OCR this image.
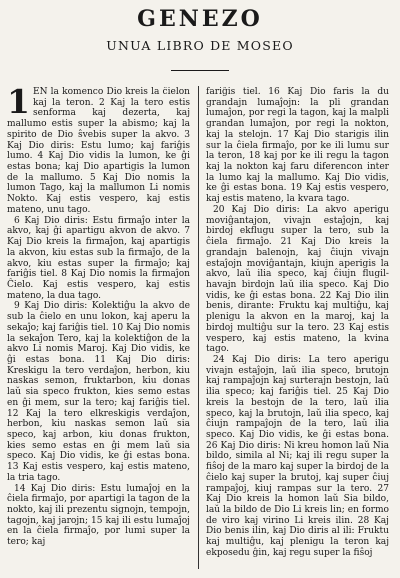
GENEZO
UNUA LIBRO DE MOSEO

1 EN la komenco Dio kreis la ĉielon kaj la teron. 2 Kaj la tero estis senforma kaj dezerta, kaj mallumo estis super la abismo; kaj la spirito de Dio ŝvebis super la akvo. 3 Kaj Dio diris: Estu lumo; kaj fariĝis lumo. 4 Kaj Dio vidis la lumon, ke ĝi estas bona; kaj Dio apartigis la lumon de la mallumo. 5 Kaj Dio nomis la lumon Tago, kaj la mallumon Li nomis Nokto. Kaj estis vespero, kaj estis mateno, unu tago.

6 Kaj Dio diris: Estu firmaĵo inter la akvo, kaj ĝi apartigu akvon de akvo. 7 Kaj Dio kreis la firmaĵon, kaj apartigis la akvon, kiu estas sub la firmaĵo, de la akvo, kiu estas super la firmaĵo; kaj fariĝis tiel. 8 Kaj Dio nomis la firmaĵon Ĉielo. Kaj estis vespero, kaj estis mateno, la dua tago.

9 Kaj Dio diris: Kolektiĝu la akvo de sub la ĉielo en unu lokon, kaj aperu la sekaĵo; kaj fariĝis tiel. 10 Kaj Dio nomis la sekaĵon Tero, kaj la kolektiĝon de la akvo Li nomis Maroj. Kaj Dio vidis, ke ĝi estas bona. 11 Kaj Dio diris: Kreskigu la tero verdaĵon, herbon, kiu naskas semon, fruktarbon, kiu donas laŭ sia speco frukton, kies semo estas en ĝi mem, sur la tero; kaj fariĝis tiel. 12 Kaj la tero elkreskigis verdaĵon, herbon, kiu naskas semon laŭ sia speco, kaj arbon, kiu donas frukton, kies semo estas en ĝi mem laŭ sia speco. Kaj Dio vidis, ke ĝi estas bona. 13 Kaj estis vespero, kaj estis mateno, la tria tago.

14 Kaj Dio diris: Estu lumaĵoj en la ĉiela firmaĵo, por apartigi la tagon de la nokto, kaj ili prezentu signojn, tempojn, tagojn, kaj jarojn; 15 kaj ili estu lumaĵoj en la ĉiela firmaĵo, por lumi super la tero; kaj

fariĝis tiel. 16 Kaj Dio faris la du grandajn lumaĵojn: la pli grandan lumaĵon, por regi la tagon, kaj la malpli grandan lumaĵon, por regi la nokton, kaj la stelojn. 17 Kaj Dio starigis ilin sur la ĉiela firmaĵo, por ke ili lumu sur la teron, 18 kaj por ke ili regu la tagon kaj la nokton kaj faru diferencon inter la lumo kaj la mallumo. Kaj Dio vidis, ke ĝi estas bona. 19 Kaj estis vespero, kaj estis mateno, la kvara tago.

20 Kaj Dio diris: La akvo aperigu moviĝantajon, vivajn estaĵojn, kaj birdoj ekflugu super la tero, sub la ĉiela firmaĵo. 21 Kaj Dio kreis la grandajn balenojn, kaj ĉiujn vivajn estaĵojn moviĝantajn, kiujn aperigis la akvo, laŭ ilia speco, kaj ĉiujn flugil-havajn birdojn laŭ ilia speco. Kaj Dio vidis, ke ĝi estas bona. 22 Kaj Dio ilin benis, dirante: Fruktu kaj multiĝu, kaj plenigu la akvon en la maroj, kaj la birdoj multiĝu sur la tero. 23 Kaj estis vespero, kaj estis mateno, la kvina tago.

24 Kaj Dio diris: La tero aperigu vivajn estaĵojn, laŭ ilia speco, brutojn kaj rampaĵojn kaj surterajn bestojn, laŭ ilia speco; kaj fariĝis tiel. 25 Kaj Dio kreis la bestojn de la tero, laŭ ilia speco, kaj la brutojn, laŭ ilia speco, kaj ĉiujn rampaĵojn de la tero, laŭ ilia speco. Kaj Dio vidis, ke ĝi estas bona. 26 Kaj Dio diris: Ni kreu homon laŭ Nia bildo, simila al Ni; kaj ili regu super la fiŝoj de la maro kaj super la birdoj de la ĉielo kaj super la brutoj, kaj super ĉiuj rampaĵoj, kiuj rampas sur la tero. 27 Kaj Dio kreis la homon laŭ Sia bildo, laŭ la bildo de Dio Li kreis lin; en formo de viro kaj virino Li kreis ilin. 28 Kaj Dio benis ilin, kaj Dio diris al ili: Fruktu kaj multiĝu, kaj plenigu la teron kaj ekposedu ĝin, kaj regu super la fiŝoj
